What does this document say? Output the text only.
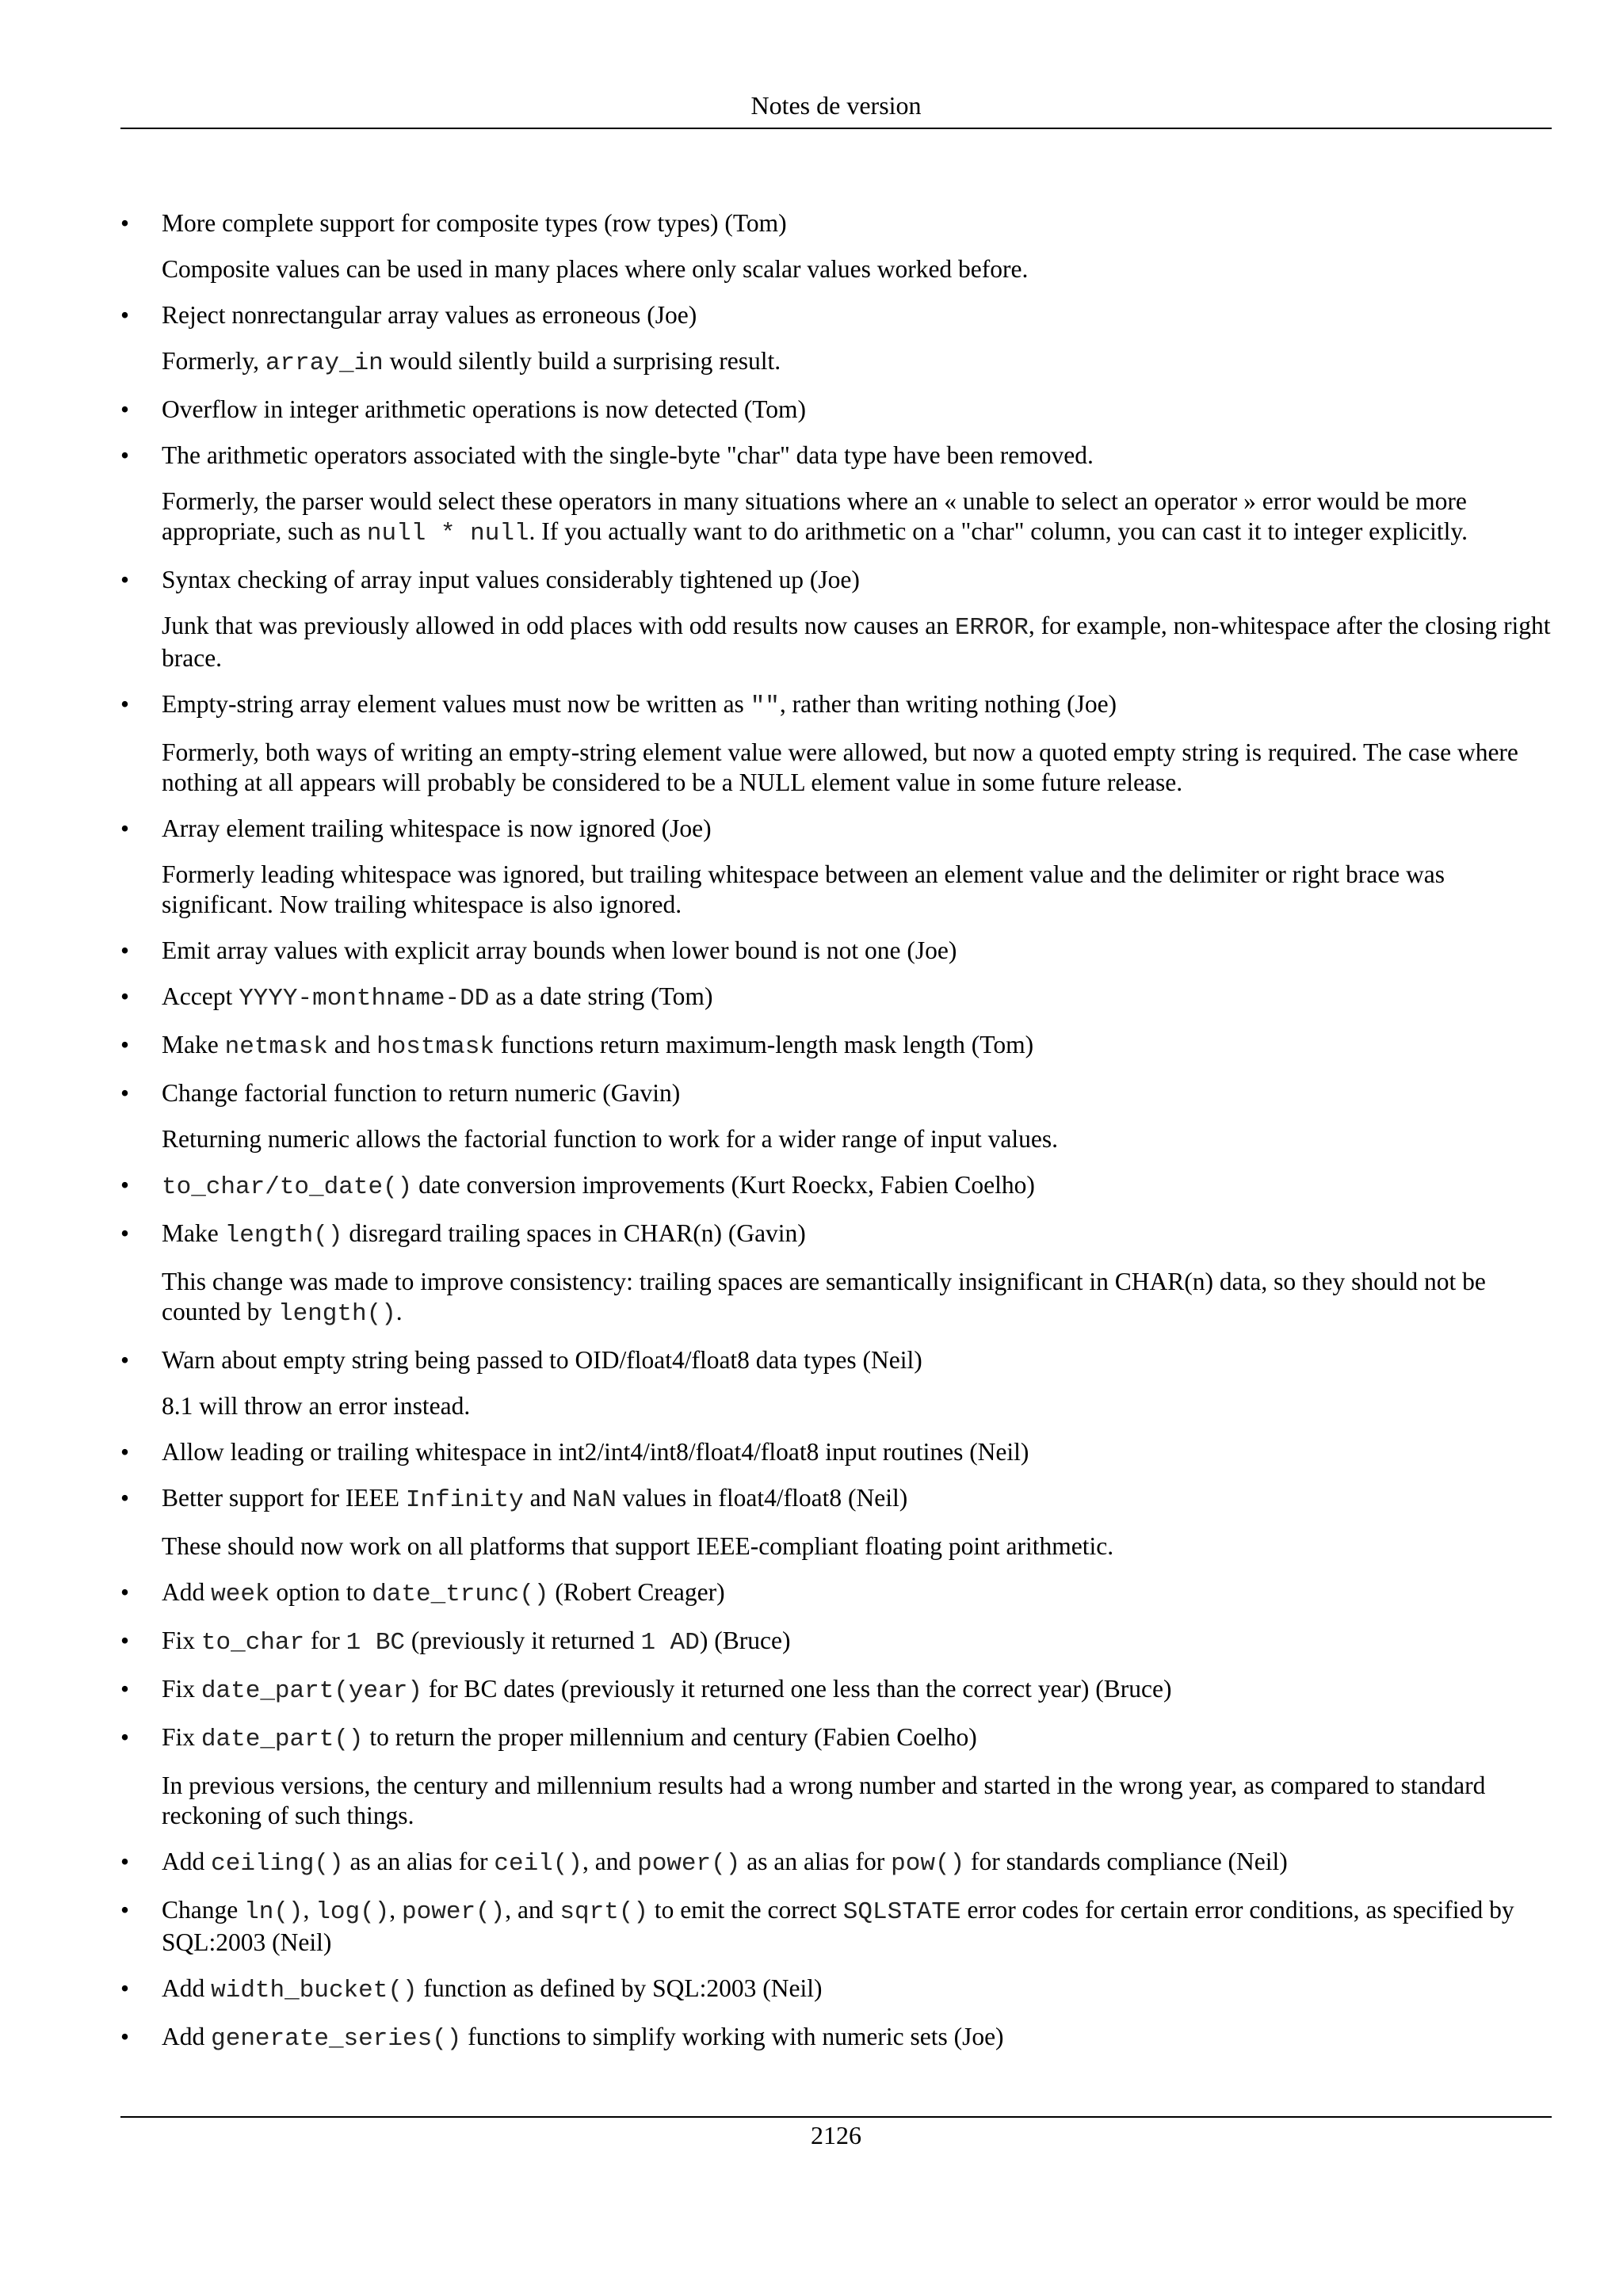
Notes de version
•	More complete support for composite types (row types) (Tom)
Composite values can be used in many places where only scalar values worked before.
•	Reject nonrectangular array values as erroneous (Joe)
Formerly, array_in would silently build a surprising result.
•	Overflow in integer arithmetic operations is now detected (Tom)
•	The arithmetic operators associated with the single-byte "char" data type have been removed.
Formerly, the parser would select these operators in many situations where an « unable to select an operator » error would be more appropriate, such as null * null. If you actually want to do arithmetic on a "char" column, you can cast it to integer explicitly.
•	Syntax checking of array input values considerably tightened up (Joe)
Junk that was previously allowed in odd places with odd results now causes an ERROR, for example, non-whitespace after the closing right brace.
•	Empty-string array element values must now be written as "", rather than writing nothing (Joe)
Formerly, both ways of writing an empty-string element value were allowed, but now a quoted empty string is required. The case where nothing at all appears will probably be considered to be a NULL element value in some future release.
•	Array element trailing whitespace is now ignored (Joe)
Formerly leading whitespace was ignored, but trailing whitespace between an element value and the delimiter or right brace was significant. Now trailing whitespace is also ignored.
•	Emit array values with explicit array bounds when lower bound is not one (Joe)
•	Accept YYYY-monthname-DD as a date string (Tom)
•	Make netmask and hostmask functions return maximum-length mask length (Tom)
•	Change factorial function to return numeric (Gavin)
Returning numeric allows the factorial function to work for a wider range of input values.
•	to_char/to_date() date conversion improvements (Kurt Roeckx, Fabien Coelho)
•	Make length() disregard trailing spaces in CHAR(n) (Gavin)
This change was made to improve consistency: trailing spaces are semantically insignificant in CHAR(n) data, so they should not be counted by length().
•	Warn about empty string being passed to OID/float4/float8 data types (Neil)
8.1 will throw an error instead.
•	Allow leading or trailing whitespace in int2/int4/int8/float4/float8 input routines (Neil)
•	Better support for IEEE Infinity and NaN values in float4/float8 (Neil)
These should now work on all platforms that support IEEE-compliant floating point arithmetic.
•	Add week option to date_trunc() (Robert Creager)
•	Fix to_char for 1 BC (previously it returned 1 AD) (Bruce)
•	Fix date_part(year) for BC dates (previously it returned one less than the correct year) (Bruce)
•	Fix date_part() to return the proper millennium and century (Fabien Coelho)
In previous versions, the century and millennium results had a wrong number and started in the wrong year, as compared to standard reckoning of such things.
•	Add ceiling() as an alias for ceil(), and power() as an alias for pow() for standards compliance (Neil)
•	Change ln(), log(), power(), and sqrt() to emit the correct SQLSTATE error codes for certain error conditions, as specified by SQL:2003 (Neil)
•	Add width_bucket() function as defined by SQL:2003 (Neil)
•	Add generate_series() functions to simplify working with numeric sets (Joe)
2126
